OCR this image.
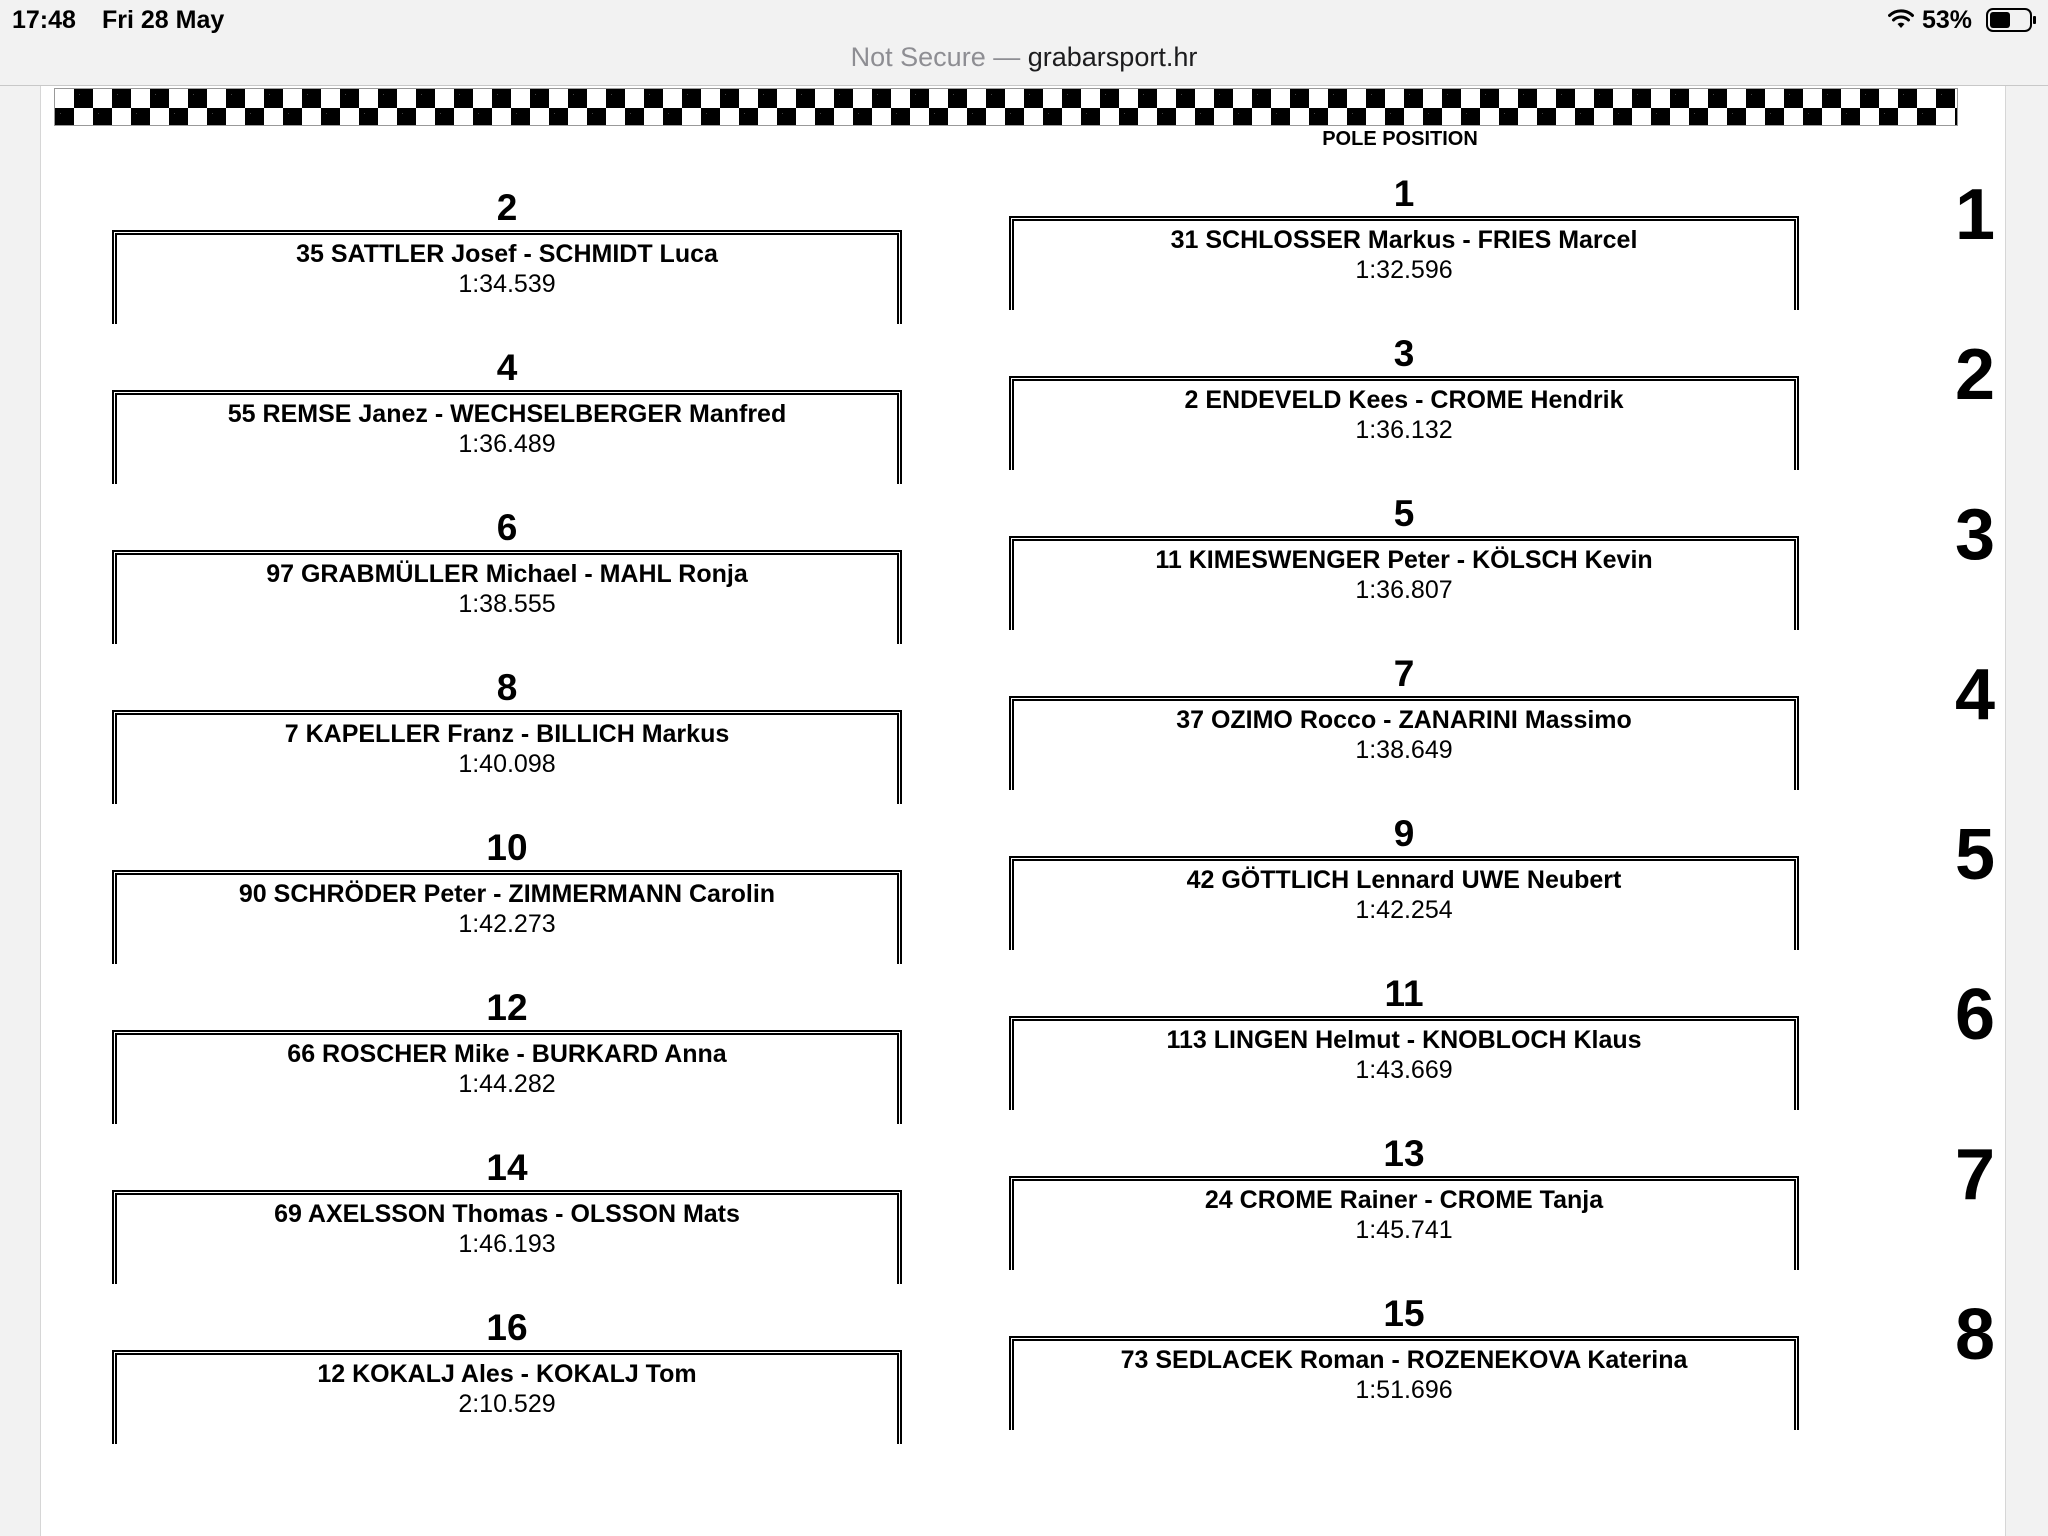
17:48 Fri 28 May	53%
Not Secure — grabarsport.hr
POLE POSITION
2
35 SATTLER Josef - SCHMIDT Luca
1:34.539
4
55 REMSE Janez - WECHSELBERGER Manfred
1:36.489
6
97 GRABMÜLLER Michael - MAHL Ronja
1:38.555
8
7 KAPELLER Franz - BILLICH Markus
1:40.098
10
90 SCHRÖDER Peter - ZIMMERMANN Carolin
1:42.273
12
66 ROSCHER Mike - BURKARD Anna
1:44.282
14
69 AXELSSON Thomas - OLSSON Mats
1:46.193
16
12 KOKALJ Ales - KOKALJ Tom
2:10.529
1
31 SCHLOSSER Markus - FRIES Marcel
1:32.596
3
2 ENDEVELD Kees - CROME Hendrik
1:36.132
5
11 KIMESWENGER Peter - KÖLSCH Kevin
1:36.807
7
37 OZIMO Rocco - ZANARINI Massimo
1:38.649
9
42 GÖTTLICH Lennard UWE Neubert
1:42.254
11
113 LINGEN Helmut - KNOBLOCH Klaus
1:43.669
13
24 CROME Rainer - CROME Tanja
1:45.741
15
73 SEDLACEK Roman - ROZENEKOVA Katerina
1:51.696
1
2
3
4
5
6
7
8
